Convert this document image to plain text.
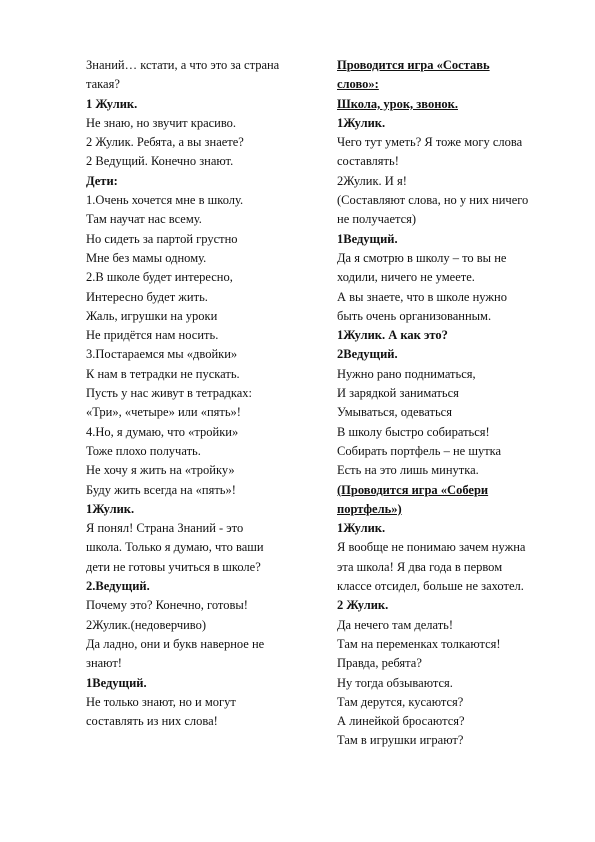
Знаний… кстати, а что это за страна

такая?

1 Жулик.

Не знаю, но звучит красиво.

2 Жулик. Ребята, а вы знаете?

2 Ведущий. Конечно знают.

Дети:

1.Очень хочется мне в школу.

Там научат нас всему.

Но сидеть за партой грустно

Мне без мамы одному.

2.В школе будет интересно,

Интересно будет жить.

Жаль, игрушки на уроки

Не придётся нам носить.

3.Постараемся мы «двойки»

К нам в тетрадки не пускать.

Пусть у нас живут в тетрадках:

«Три», «четыре» или «пять»!

4.Но, я думаю, что «тройки»

Тоже плохо получать.

Не хочу я жить на «тройку»

Буду жить всегда на «пять»!

1Жулик.

Я понял! Страна Знаний - это

школа. Только я думаю, что ваши

дети не готовы учиться в школе?

2.Ведущий.

Почему это? Конечно, готовы!

2Жулик.(недоверчиво)

Да ладно, они и букв наверное не

знают!

1Ведущий.

Не только знают, но и могут

составлять из них слова!

Проводится игра «Составь

слово»:

Школа, урок, звонок.

1Жулик.

Чего тут уметь? Я тоже могу слова

составлять!

2Жулик. И я!

(Составляют слова, но у них ничего

не получается)

1Ведущий.

Да я смотрю в школу – то вы не

ходили, ничего не умеете.

А вы знаете, что в школе нужно

быть очень организованным.

1Жулик. А как это?

2Ведущий.

Нужно рано подниматься,

И зарядкой заниматься

Умываться, одеваться

В школу быстро собираться!

Собирать портфель – не шутка

Есть на это лишь минутка.

(Проводится игра «Собери

портфель»)

1Жулик.

Я вообще не понимаю зачем нужна

эта школа! Я два года в первом

классе отсидел, больше не захотел.

2 Жулик.

Да нечего там делать!

Там на переменках толкаются!

Правда, ребята?

Ну тогда обзываются.

Там дерутся, кусаются?

А линейкой бросаются?

Там в игрушки играют?
